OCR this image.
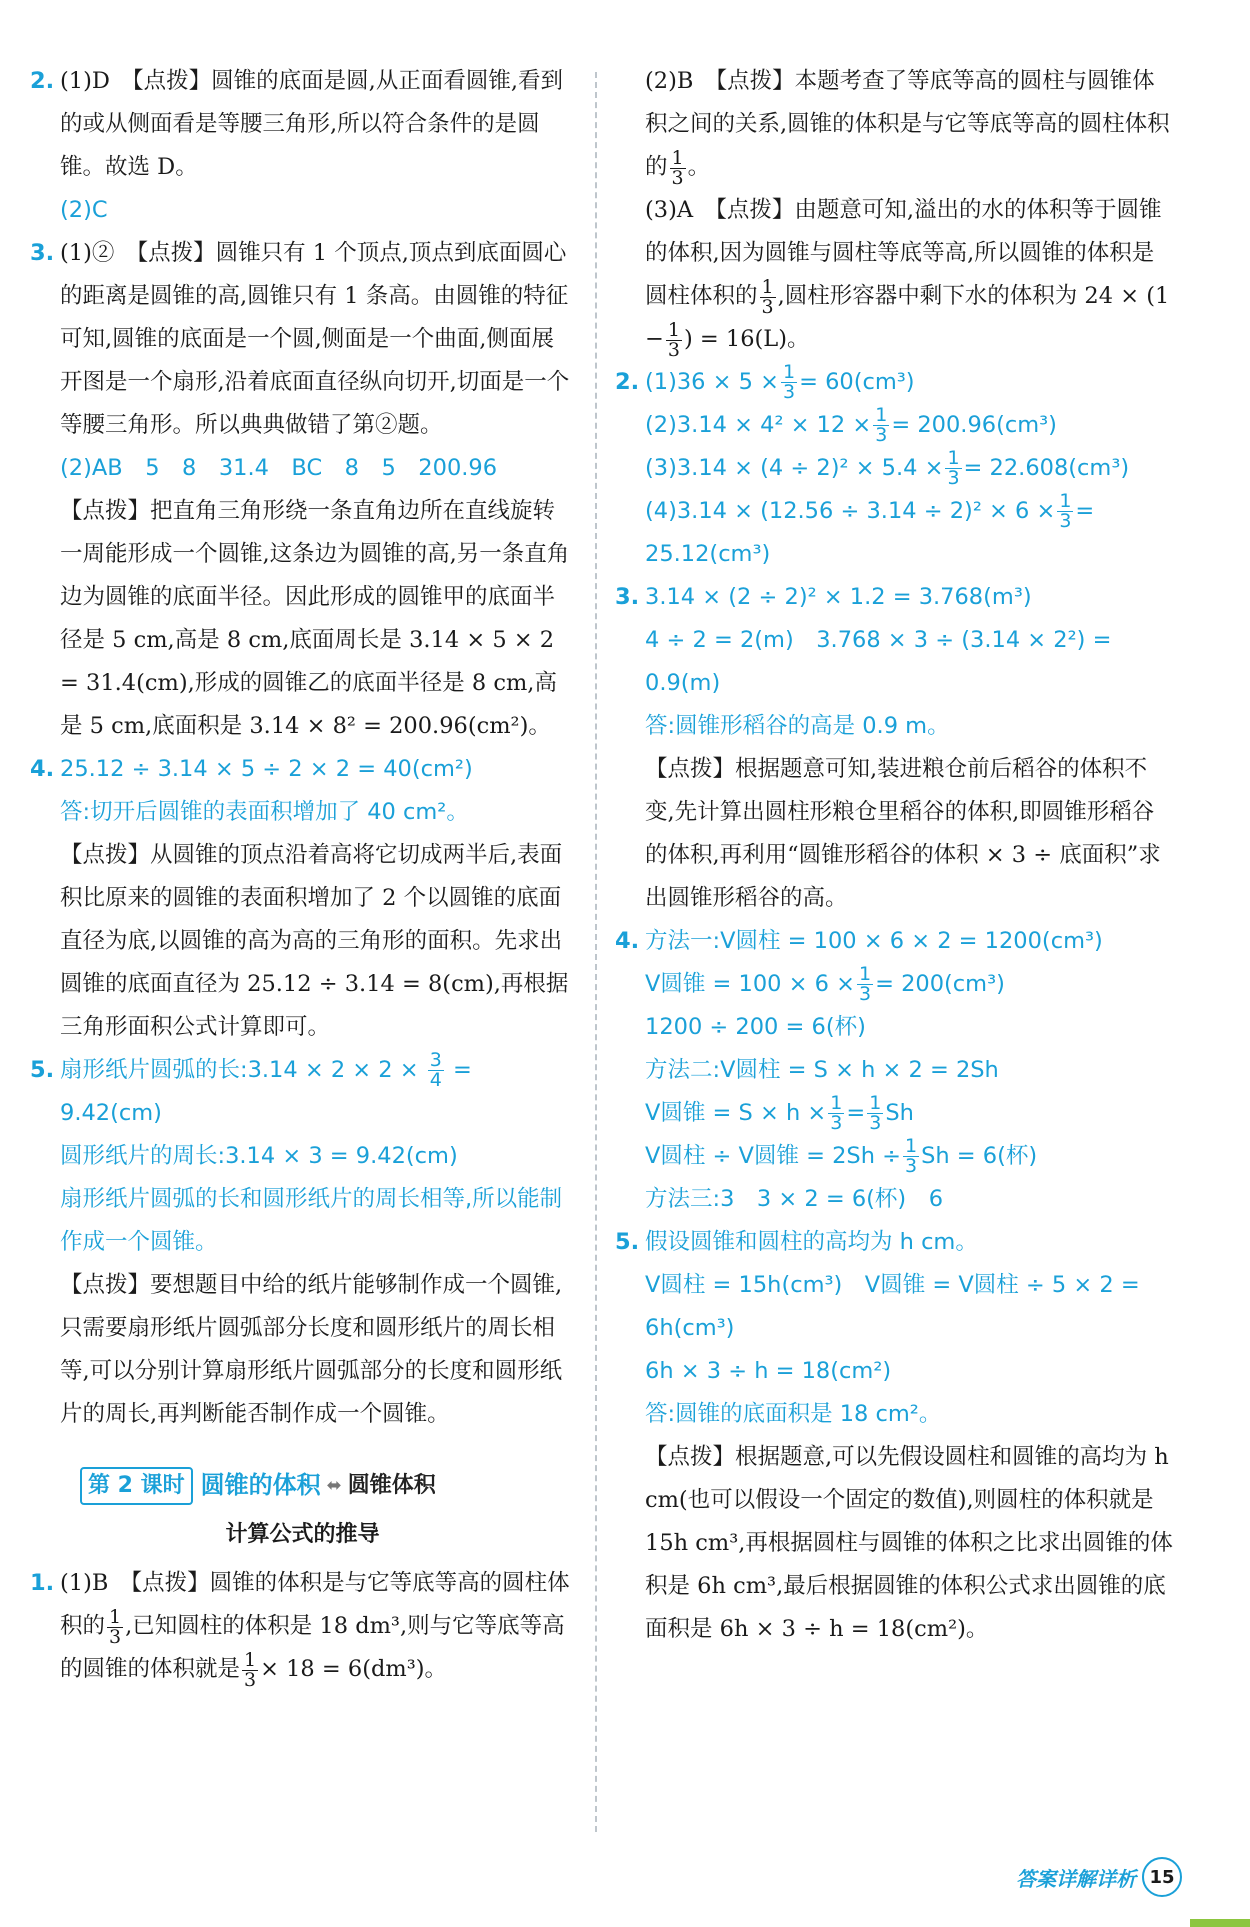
2. (1)D　【点拨】圆锥的底面是圆,从正面看圆锥,看到的或从侧面看是等腰三角形,所以符合条件的是圆锥。故选 D。
(2)C
3. (1)②　【点拨】圆锥只有 1 个顶点,顶点到底面圆心的距离是圆锥的高,圆锥只有 1 条高。由圆锥的特征可知,圆锥的底面是一个圆,侧面是一个曲面,侧面展开图是一个扇形,沿着底面直径纵向切开,切面是一个等腰三角形。所以典典做错了第②题。
(2)AB　5　8　31.4　BC　8　5　200.96
【点拨】把直角三角形绕一条直角边所在直线旋转一周能形成一个圆锥,这条边为圆锥的高,另一条直角边为圆锥的底面半径。因此形成的圆锥甲的底面半径是 5 cm,高是 8 cm,底面周长是 3.14 × 5 × 2 = 31.4(cm),形成的圆锥乙的底面半径是 8 cm,高是 5 cm,底面积是 3.14 × 8² = 200.96(cm²)。
4. 25.12 ÷ 3.14 × 5 ÷ 2 × 2 = 40(cm²)
答:切开后圆锥的表面积增加了 40 cm²。
【点拨】从圆锥的顶点沿着高将它切成两半后,表面积比原来的圆锥的表面积增加了 2 个以圆锥的底面直径为底,以圆锥的高为高的三角形的面积。先求出圆锥的底面直径为 25.12 ÷ 3.14 = 8(cm),再根据三角形面积公式计算即可。
5. 扇形纸片圆弧的长:3.14 × $2 \times 2 \times \frac{3}{4} = 9.42(cm)$
圆形纸片的周长:3.14 × 3 = 9.42(cm)
扇形纸片圆弧的长和圆形纸片的周长相等,所以能制作成一个圆锥。
【点拨】要想题目中给的纸片能够制作成一个圆锥,只需要扇形纸片圆弧部分长度和圆形纸片的周长相等,可以分别计算扇形纸片圆弧部分的长度和圆形纸片的周长,再判断能否制作成一个圆锥。
第 2 课时 圆锥的体积 ⬌ 圆锥体积
计算公式的推导
1. (1)B　【点拨】圆锥的体积是与它等底等高的圆柱体积的 $\frac{1}{3}$ ,已知圆柱的体积是 18 dm³,则与它等底等高的圆锥的体积就是 $\frac{1}{3} \times 18 = 6(dm^3)$。
(2)B　【点拨】本题考查了等底等高的圆柱与圆锥体积之间的关系,圆锥的体积是与它等底等高的圆柱体积的 $\frac{1}{3}$ 。
(3)A　【点拨】由题意可知,溢出的水的体积等于圆锥的体积,因为圆锥与圆柱等底等高,所以圆锥的体积是圆柱体积的 $\frac{1}{3}$ ,圆柱形容器中剩下水的体积为 $24 \times (1 - \frac{1}{3}$ ) = 16(L)。
2. $(1)36 \times 5 \times \frac{1}{3} = 60(cm^3)$
$(2)3.14 \times 4^2 \times 12 \times \frac{1}{3} = 200.96(cm^3)$
$(3)3.14 \times (4 \div 2)^2 \times 5.4 \times \frac{1}{3} = 22.608(cm^3)$
$(4)3.14 \times (12.56 \div 3.14 \div 2)^2 \times 6 \times \frac{1}{3}$ =
25.12(cm³)
3. 3.14 × (2 ÷ 2)² × 1.2 = 3.768(m³)
4 ÷ 2 = 2(m)　3.768 × 3 ÷ (3.14 × 2²) = 0.9(m)
答:圆锥形稻谷的高是 0.9 m。
【点拨】根据题意可知,装进粮仓前后稻谷的体积不变,先计算出圆柱形粮仓里稻谷的体积,即圆锥形稻谷的体积,再利用“圆锥形稻谷的体积 × 3 ÷ 底面积”求出圆锥形稻谷的高。
4. 方法一:V圆柱 = 100 × 6 × 2 = 1200(cm³)
V圆锥 = $100 \times 6 \times \frac{1}{3} = 200(cm^3)$
1200 ÷ 200 = 6(杯)
方法二:V圆柱 = S × h × 2 = 2Sh
V圆锥 = $S \times h \times \frac{1}{3} = \frac{1}{3}$ Sh
V圆柱 ÷ V圆锥 = $2Sh \div \frac{1}{3}$ Sh = 6(杯)
方法三:3　3 × 2 = 6(杯)　6
5. 假设圆锥和圆柱的高均为 h cm。
V圆柱 = 15h(cm³)　V圆锥 = V圆柱 ÷ 5 × 2 = 6h(cm³)
6h × 3 ÷ h = 18(cm²)
答:圆锥的底面积是 18 cm²。
【点拨】根据题意,可以先假设圆柱和圆锥的高均为 h cm(也可以假设一个固定的数值),则圆柱的体积就是 15h cm³,再根据圆柱与圆锥的体积之比求出圆锥的体积是 6h cm³,最后根据圆锥的体积公式求出圆锥的底面积是 6h × 3 ÷ h = 18(cm²)。
答案详解详析 15
